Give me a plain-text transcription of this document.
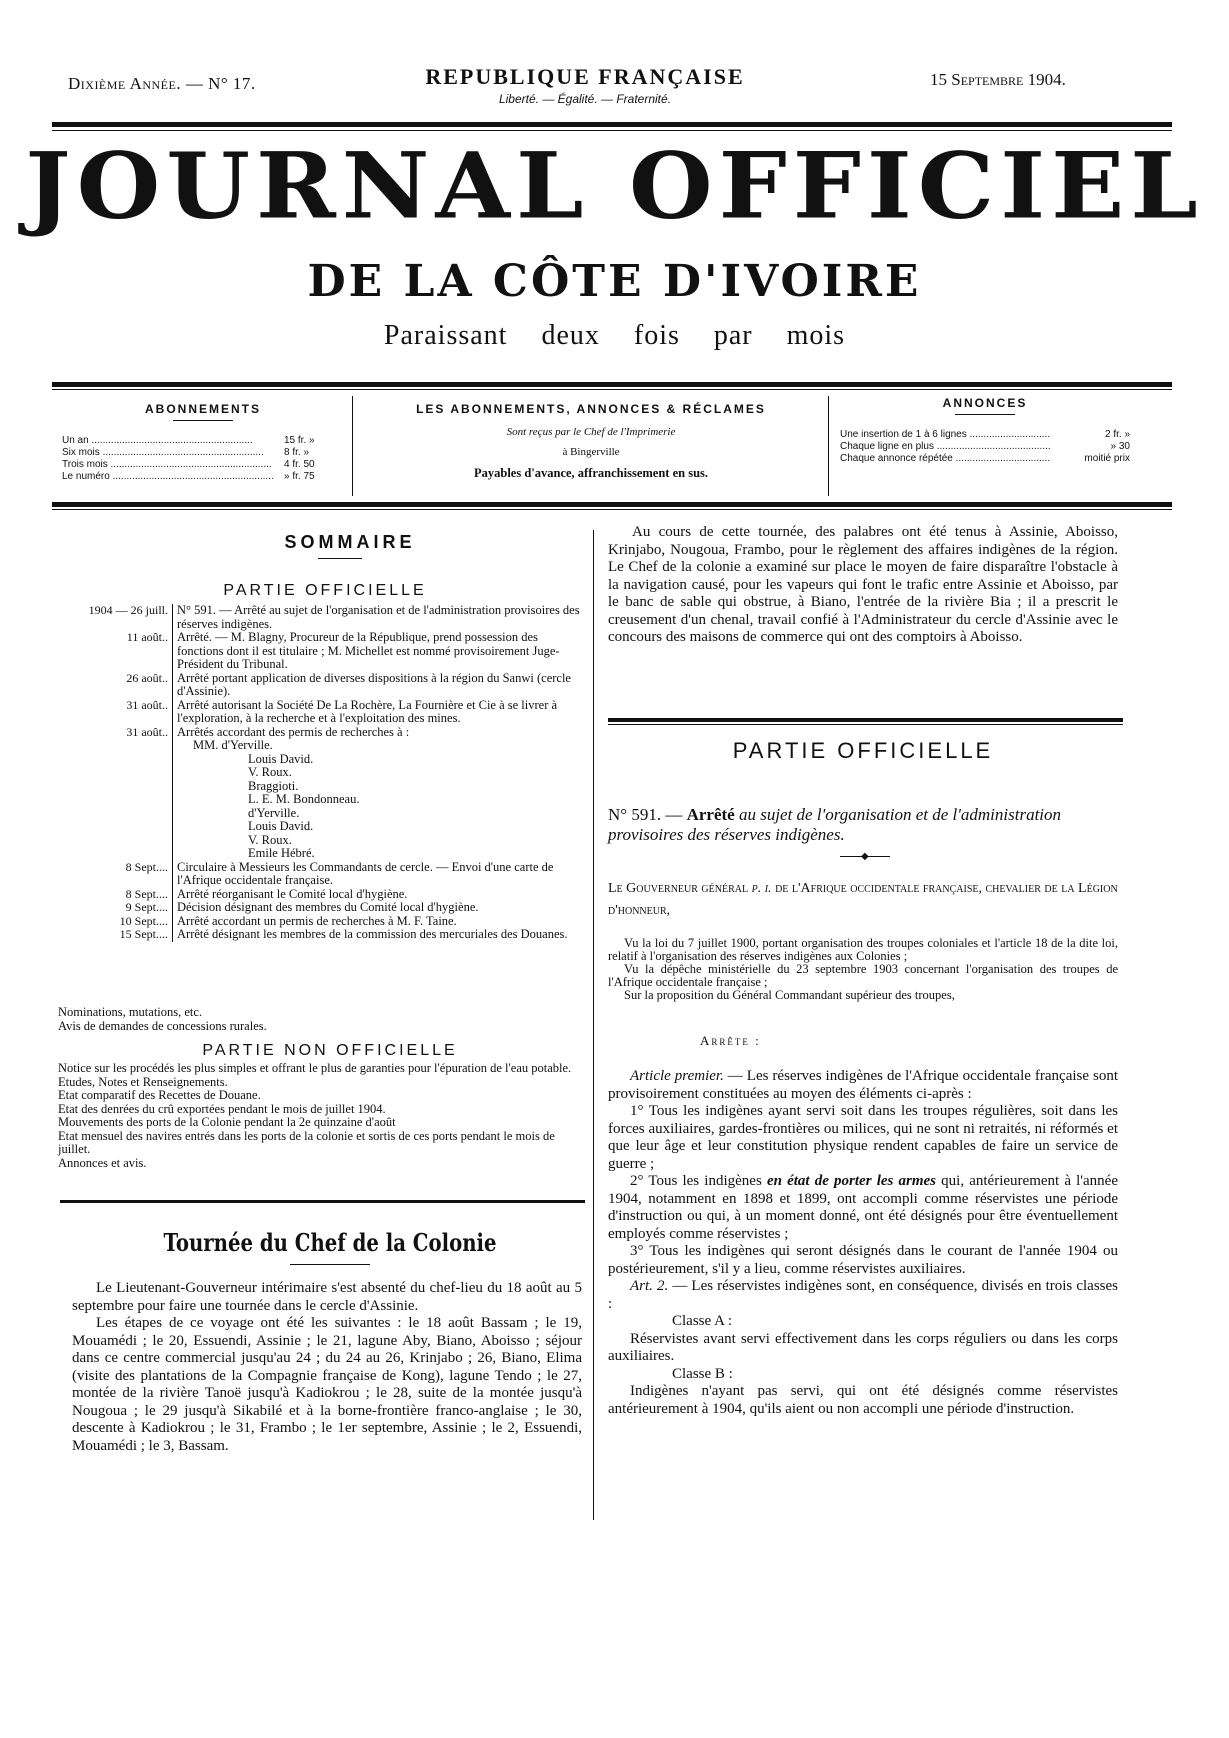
Dixième Année. — N° 17.	REPUBLIQUE FRANÇAISE
Liberté. — Égalité. — Fraternité.
15 Septembre 1904.
JOURNAL OFFICIEL
DE LA CÔTE D'IVOIRE
Paraissant deux fois par mois
ABONNEMENTS
Un an .....	15 fr. »
Six mois .....	8 fr. »
Trois mois .....	4 fr. 50
Le numéro .....	» fr. 75
LES ABONNEMENTS, ANNONCES & RÉCLAMES
Sont reçus par le Chef de l'Imprimerie
à Bingerville
Payables d'avance, affranchissement en sus.
ANNONCES
Une insertion de 1 à 6 lignes .....	2 fr. »
Chaque ligne en plus .....	» 30
Chaque annonce répétée .....	moitié prix
SOMMAIRE
PARTIE OFFICIELLE
1904 — 26 juill. N° 591. — Arrêté au sujet de l'organisation et de l'administration provisoires des réserves indigènes.
11 août.. Arrêté. — M. Blagny, Procureur de la République, prend possession des fonctions dont il est titulaire ; M. Michellet est nommé provisoirement Juge-Président du Tribunal.
26 août.. Arrêté portant application de diverses dispositions à la région du Sanwi (cercle d'Assinie).
31 août.. Arrêté autorisant la Société De La Rochère, La Fournière et Cie à se livrer à l'exploration, à la recherche et à l'exploitation des mines.
31 août.. Arrêtés accordant des permis de recherches à :
MM. d'Yerville.
Louis David.
V. Roux.
Braggioti.
L. E. M. Bondonneau.
d'Yerville.
Louis David.
V. Roux.
Emile Hébré.
8 Sept.... Circulaire à Messieurs les Commandants de cercle. — Envoi d'une carte de l'Afrique occidentale française.
8 Sept.... Arrêté réorganisant le Comité local d'hygiène.
9 Sept.... Décision désignant des membres du Comité local d'hygiène.
10 Sept.... Arrêté accordant un permis de recherches à M. F. Taine.
15 Sept.... Arrêté désignant les membres de la commission des mercuriales des Douanes.
Nominations, mutations, etc.
Avis de demandes de concessions rurales.
PARTIE NON OFFICIELLE
Notice sur les procédés les plus simples et offrant le plus de garanties pour l'épuration de l'eau potable.
Etudes, Notes et Renseignements.
Etat comparatif des Recettes de Douane.
Etat des denrées du crû exportées pendant le mois de juillet 1904.
Mouvements des ports de la Colonie pendant la 2e quinzaine d'août
Etat mensuel des navires entrés dans les ports de la colonie et sortis de ces ports pendant le mois de juillet.
Annonces et avis.
Tournée du Chef de la Colonie

Le Lieutenant-Gouverneur intérimaire s'est absenté du chef-lieu du 18 août au 5 septembre pour faire une tournée dans le cercle d'Assinie.

Les étapes de ce voyage ont été les suivantes : le 18 août Bassam ; le 19, Mouamédi ; le 20, Essuendi, Assinie ; le 21, lagune Aby, Biano, Aboisso ; séjour dans ce centre commercial jusqu'au 24 ; du 24 au 26, Krinjabo ; 26, Biano, Elima (visite des plantations de la Compagnie française de Kong), lagune Tendo ; le 27, montée de la rivière Tanoë jusqu'à Kadiokrou ; le 28, suite de la montée jusqu'à Nougoua ; le 29 jusqu'à Sikabilé et à la borne-frontière franco-anglaise ; le 30, descente à Kadiokrou ; le 31, Frambo ; le 1er septembre, Assinie ; le 2, Essuendi, Mouamédi ; le 3, Bassam.

Au cours de cette tournée, des palabres ont été tenus à Assinie, Aboisso, Krinjabo, Nougoua, Frambo, pour le règlement des affaires indigènes de la région. Le Chef de la colonie a examiné sur place le moyen de faire disparaître l'obstacle à la navigation causé, pour les vapeurs qui font le trafic entre Assinie et Aboisso, par le banc de sable qui obstrue, à Biano, l'entrée de la rivière Bia ; il a prescrit le creusement d'un chenal, travail confié à l'Administrateur du cercle d'Assinie avec le concours des maisons de commerce qui ont des comptoirs à Aboisso.
PARTIE OFFICIELLE
N° 591. — Arrêté au sujet de l'organisation et de l'administration provisoires des réserves indigènes.
◆
Le Gouverneur général p. i. de l'Afrique occidentale française, chevalier de la Légion d'honneur,
Vu la loi du 7 juillet 1900, portant organisation des troupes coloniales et l'article 18 de la dite loi, relatif à l'organisation des réserves indigènes aux Colonies ;
Vu la dépêche ministérielle du 23 septembre 1903 concernant l'organisation des troupes de l'Afrique occidentale française ;
Sur la proposition du Général Commandant supérieur des troupes,
Arrête :

Article premier. — Les réserves indigènes de l'Afrique occidentale française sont provisoirement constituées au moyen des éléments ci-après :

1° Tous les indigènes ayant servi soit dans les troupes régulières, soit dans les forces auxiliaires, gardes-frontières ou milices, qui ne sont ni retraités, ni réformés et que leur âge et leur constitution physique rendent capables de faire un service de guerre ;

2° Tous les indigènes en état de porter les armes qui, antérieurement à l'année 1904, notamment en 1898 et 1899, ont accompli comme réservistes une période d'instruction ou qui, à un moment donné, ont été désignés pour être éventuellement employés comme réservistes ;

3° Tous les indigènes qui seront désignés dans le courant de l'année 1904 ou postérieurement, s'il y a lieu, comme réservistes auxiliaires.

Art. 2. — Les réservistes indigènes sont, en conséquence, divisés en trois classes :

Classe A :

Réservistes avant servi effectivement dans les corps réguliers ou dans les corps auxiliaires.

Classe B :

Indigènes n'ayant pas servi, qui ont été désignés comme réservistes antérieurement à 1904, qu'ils aient ou non accompli une période d'instruction.
